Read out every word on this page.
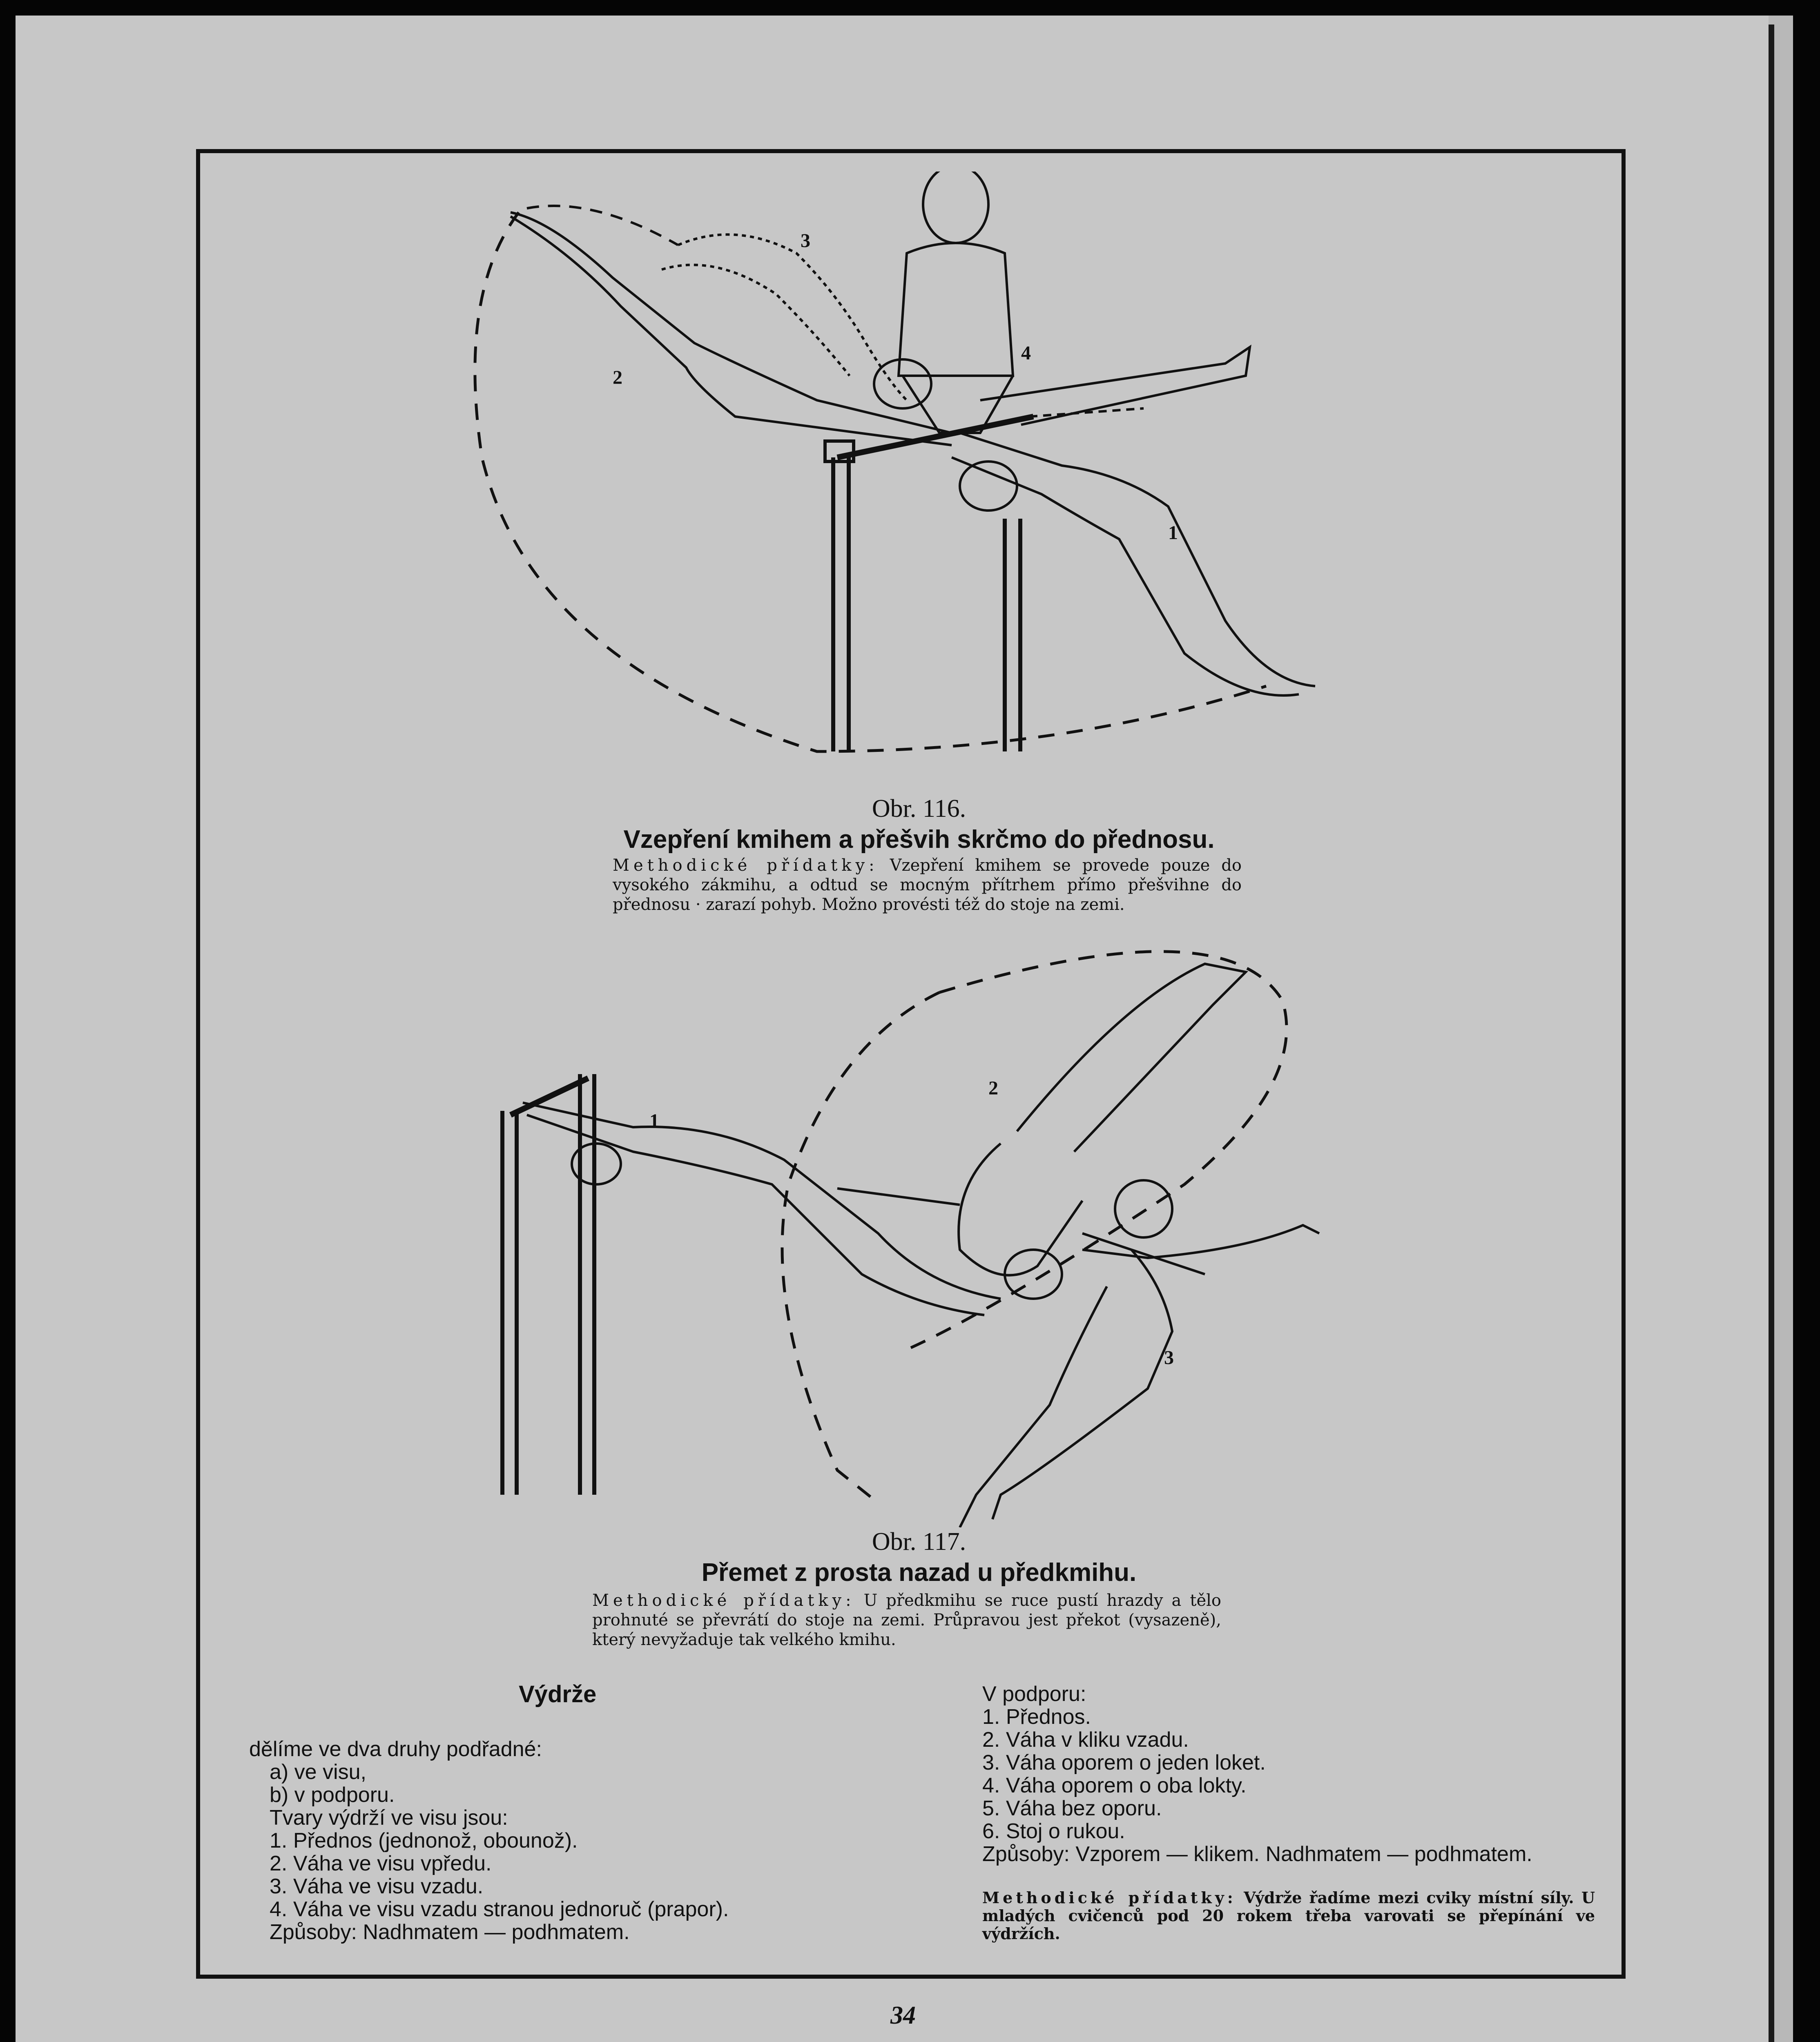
1
2
3
4
Obr. 116.
Vzepření kmihem a přešvih skrčmo do přednosu.
Methodické přídatky: Vzepření kmihem se provede pouze do vysokého zákmihu, a odtud se mocným přítrhem přímo přešvihne do přednosu · zarazí pohyb. Možno provésti též do stoje na zemi.
1
2
3
Obr. 117.
Přemet z prosta nazad u předkmihu.
Methodické přídatky: U předkmihu se ruce pustí hrazdy a tělo prohnuté se převrátí do stoje na zemi. Průpravou jest překot (vysazeně), který nevyžaduje tak velkého kmihu.
Výdrže
dělíme ve dva druhy podřadné:
a) ve visu,
b) v podporu.
Tvary výdrží ve visu jsou:
1. Přednos (jednonož, obounož).
2. Váha ve visu vpředu.
3. Váha ve visu vzadu.
4. Váha ve visu vzadu stranou jednoruč (prapor).
Způsoby: Nadhmatem — podhmatem.
V podporu:
1. Přednos.
2. Váha v kliku vzadu.
3. Váha oporem o jeden loket.
4. Váha oporem o oba lokty.
5. Váha bez oporu.
6. Stoj o rukou.
Způsoby: Vzporem — klikem. Nadhmatem — podhmatem.
Methodické přídatky: Výdrže řadíme mezi cviky místní síly. U mladých cvičenců pod 20 rokem třeba varovati se přepínání ve výdržích.
34
